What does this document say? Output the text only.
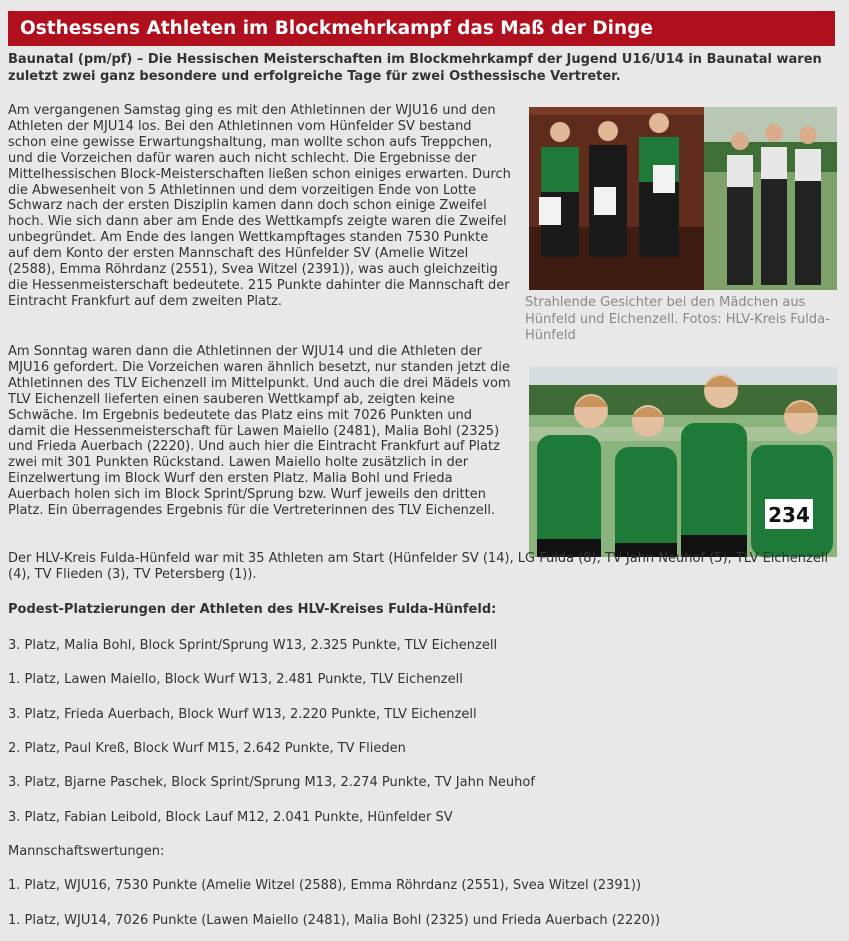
Osthessens Athleten im Blockmehrkampf das Maß der Dinge
Baunatal (pm/pf) – Die Hessischen Meisterschaften im Blockmehrkampf der Jugend U16/U14 in Baunatal waren zuletzt zwei ganz besondere und erfolgreiche Tage für zwei Osthessische Vertreter.
Am vergangenen Samstag ging es mit den Athletinnen der WJU16 und den Athleten der MJU14 los. Bei den Athletinnen vom Hünfelder SV bestand schon eine gewisse Erwartungshaltung, man wollte schon aufs Treppchen, und die Vorzeichen dafür waren auch nicht schlecht. Die Ergebnisse der Mittelhessischen Block-Meisterschaften ließen schon einiges erwarten. Durch die Abwesenheit von 5 Athletinnen und dem vorzeitigen Ende von Lotte Schwarz nach der ersten Disziplin kamen dann doch schon einige Zweifel hoch. Wie sich dann aber am Ende des Wettkampfs zeigte waren die Zweifel unbegründet. Am Ende des langen Wettkampftages standen 7530 Punkte auf dem Konto der ersten Mannschaft des Hünfelder SV (Amelie Witzel (2588), Emma Röhrdanz (2551), Svea Witzel (2391)), was auch gleichzeitig die Hessenmeisterschaft bedeutete. 215 Punkte dahinter die Mannschaft der Eintracht Frankfurt auf dem zweiten Platz.	Strahlende Gesichter bei den Mädchen aus Hünfeld und Eichenzell. Fotos: HLV-Kreis Fulda-Hünfeld
Am Sonntag waren dann die Athletinnen der WJU14 und die Athleten der MJU16 gefordert. Die Vorzeichen waren ähnlich besetzt, nur standen jetzt die Athletinnen des TLV Eichenzell im Mittelpunkt. Und auch die drei Mädels vom TLV Eichenzell lieferten einen sauberen Wettkampf ab, zeigten keine Schwäche. Im Ergebnis bedeutete das Platz eins mit 7026 Punkten und damit die Hessenmeisterschaft für Lawen Maiello (2481), Malia Bohl (2325) und Frieda Auerbach (2220). Und auch hier die Eintracht Frankfurt auf Platz zwei mit 301 Punkten Rückstand. Lawen Maiello holte zusätzlich in der Einzelwertung im Block Wurf den ersten Platz. Malia Bohl und Frieda Auerbach holen sich im Block Sprint/Sprung bzw. Wurf jeweils den dritten Platz. Ein überragendes Ergebnis für die Vertreterinnen des TLV Eichenzell.	234
Der HLV-Kreis Fulda-Hünfeld war mit 35 Athleten am Start (Hünfelder SV (14), LG Fulda (8), TV Jahn Neuhof (5), TLV Eichenzell (4), TV Flieden (3), TV Petersberg (1)).
Podest-Platzierungen der Athleten des HLV-Kreises Fulda-Hünfeld:
3. Platz, Malia Bohl, Block Sprint/Sprung W13, 2.325 Punkte, TLV Eichenzell
1. Platz, Lawen Maiello, Block Wurf W13, 2.481 Punkte, TLV Eichenzell
3. Platz, Frieda Auerbach, Block Wurf W13, 2.220 Punkte, TLV Eichenzell
2. Platz, Paul Kreß, Block Wurf M15, 2.642 Punkte, TV Flieden
3. Platz, Bjarne Paschek, Block Sprint/Sprung M13, 2.274 Punkte, TV Jahn Neuhof
3. Platz, Fabian Leibold, Block Lauf M12, 2.041 Punkte, Hünfelder SV
Mannschaftswertungen:
1. Platz, WJU16, 7530 Punkte (Amelie Witzel (2588), Emma Röhrdanz (2551), Svea Witzel (2391))
1. Platz, WJU14, 7026 Punkte (Lawen Maiello (2481), Malia Bohl (2325) und Frieda Auerbach (2220))
